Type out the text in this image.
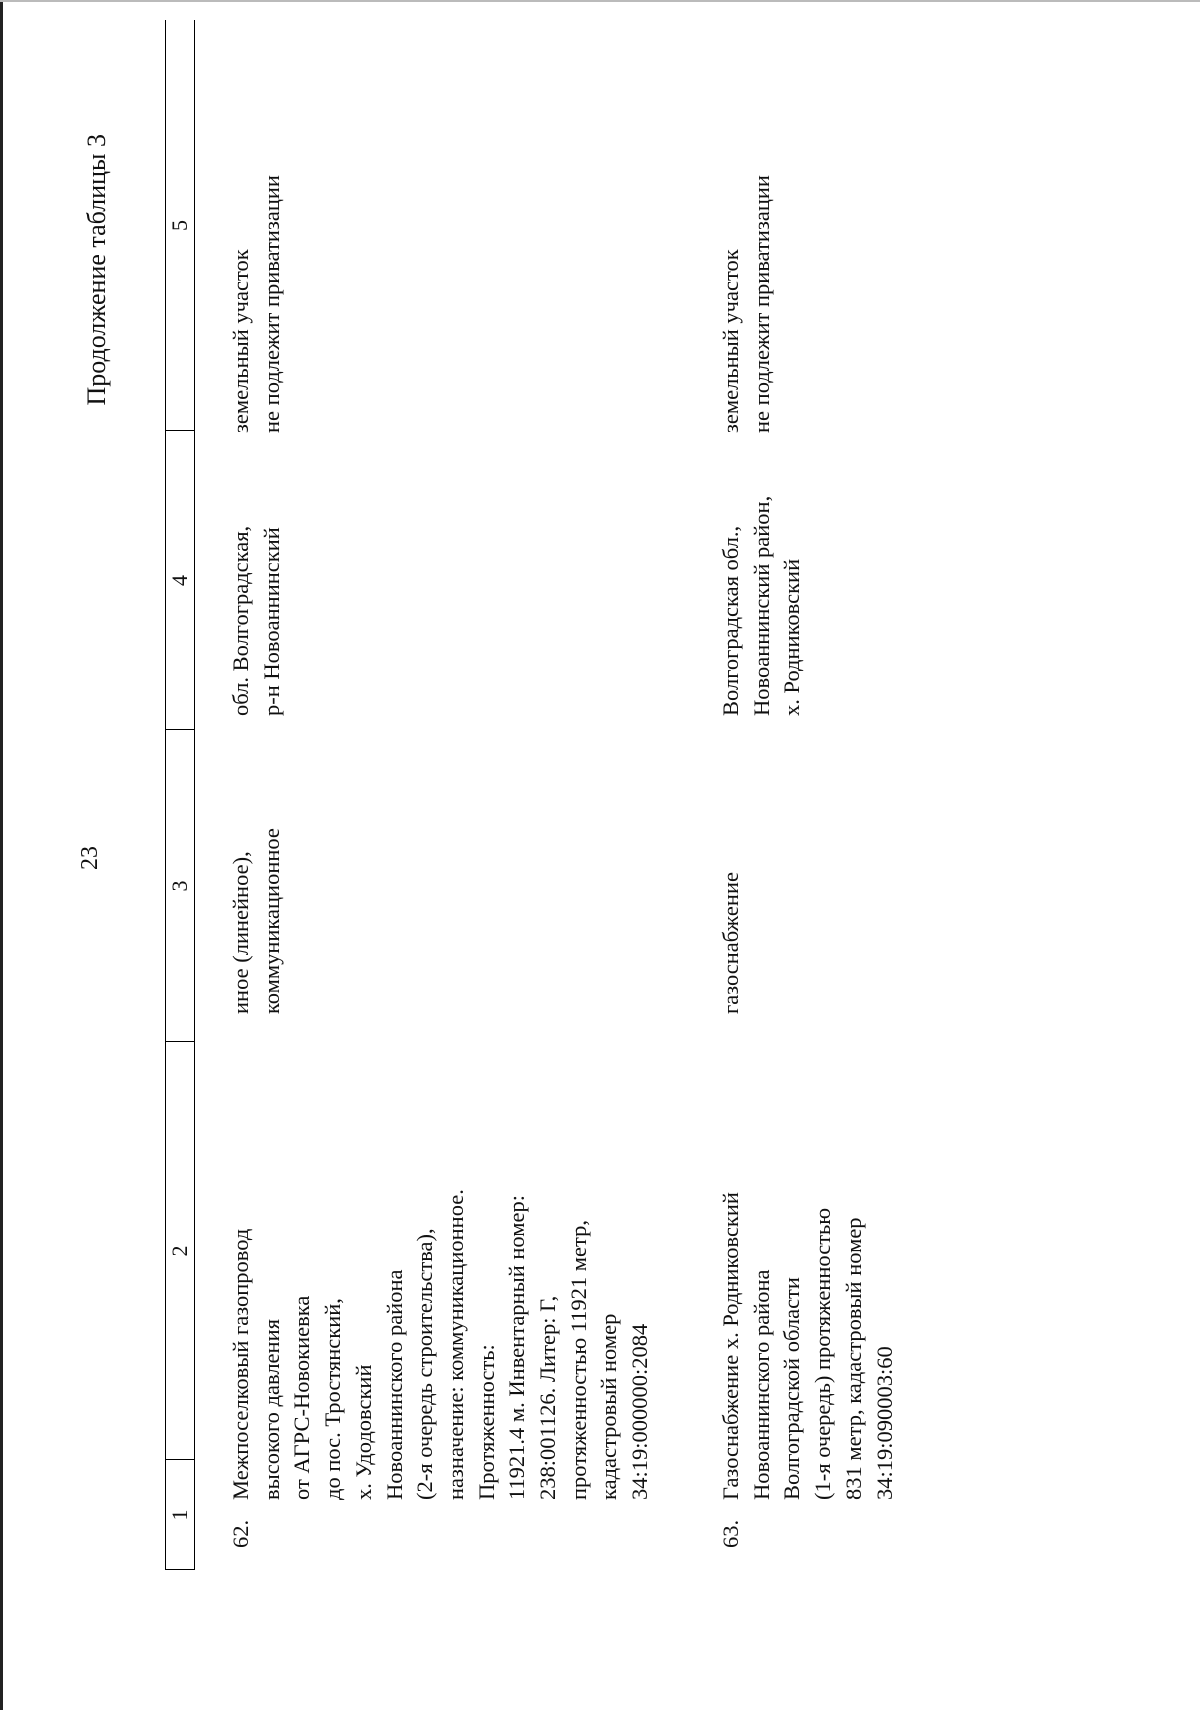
23
Продолжение таблицы 3
1
2
3
4
5
62.
Межпоселковый газопровод высокого давления от АГРС-Новокиевка до пос. Тростянский, х. Удодовский Новоаннинского района (2-я очередь строительства), назначение: коммуникационное. Протяженность: 11921.4 м. Инвентарный номер: 238:001126. Литер: Г, протяженностью 11921 метр, кадастровый номер 34:19:000000:2084
иное (линейное), коммуникационное
обл. Волгоградская, р-н Новоаннинский
земельный участок не подлежит приватизации
63.
Газоснабжение х. Родниковский Новоаннинского района Волгоградской области (1-я очередь) протяженностью 831 метр, кадастровый номер 34:19:090003:60
газоснабжение
Волгоградская обл., Новоаннинский район, х. Родниковский
земельный участок не подлежит приватизации
